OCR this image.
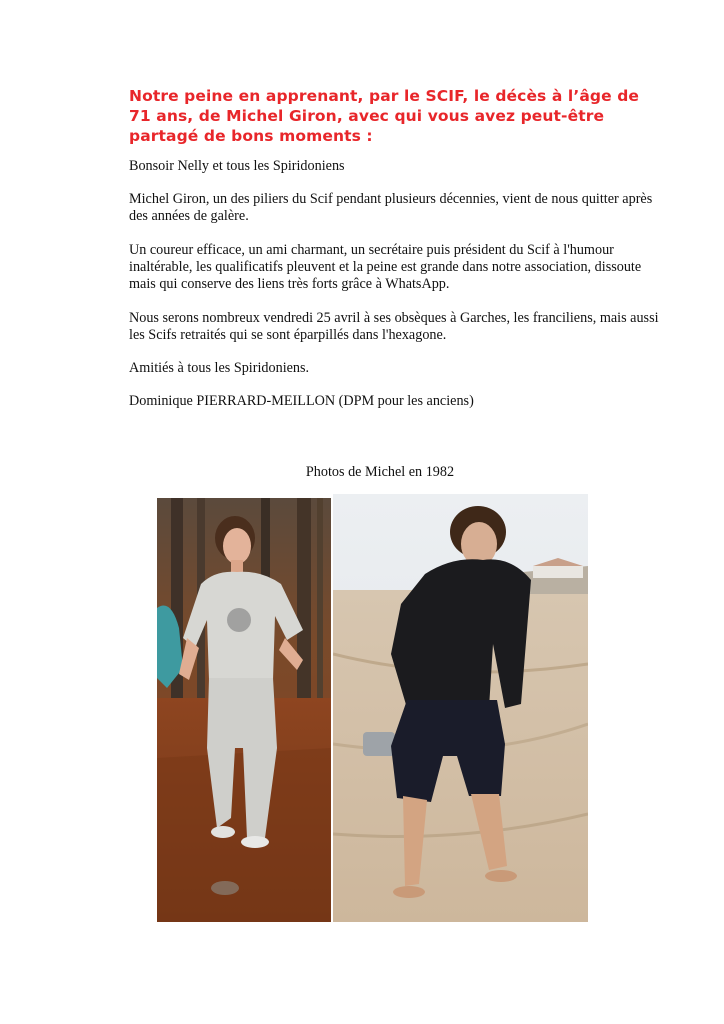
Notre peine en apprenant, par le SCIF, le décès à l’âge de 71 ans, de Michel Giron, avec qui vous avez peut-être partagé de bons moments :

Bonsoir Nelly et tous les Spiridoniens

Michel Giron, un des piliers du Scif pendant plusieurs décennies, vient de nous quitter après des années de galère.

Un coureur efficace, un ami charmant, un secrétaire puis président du Scif à l'humour inaltérable, les qualificatifs pleuvent et la peine est grande dans notre association, dissoute mais qui conserve des liens très forts grâce à WhatsApp.

Nous serons nombreux vendredi 25 avril à ses obsèques à Garches, les franciliens, mais aussi les Scifs retraités qui se sont éparpillés dans l'hexagone.

Amitiés à tous les Spiridoniens.

Dominique PIERRARD-MEILLON (DPM pour les anciens)

Photos de Michel en 1982
